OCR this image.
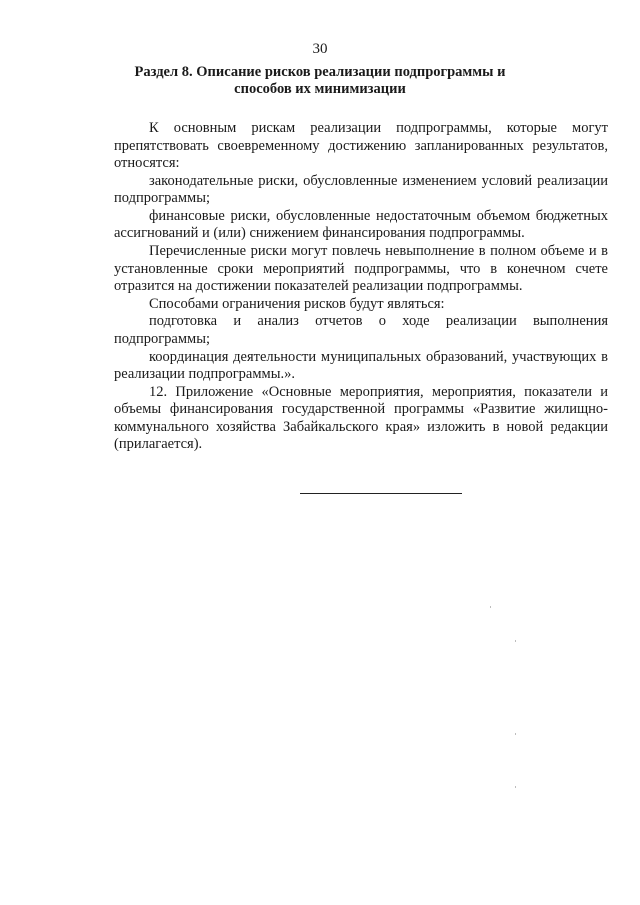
30
Раздел 8. Описание рисков реализации подпрограммы и способов их минимизации

К основным рискам реализации подпрограммы, которые могут препятствовать своевременному достижению запланированных результатов, относятся:

законодательные риски, обусловленные изменением условий реализации подпрограммы;

финансовые риски, обусловленные недостаточным объемом бюджетных ассигнований и (или) снижением финансирования подпрограммы.

Перечисленные риски могут повлечь невыполнение в полном объеме и в установленные сроки мероприятий подпрограммы, что в конечном счете отразится на достижении показателей реализации подпрограммы.

Способами ограничения рисков будут являться:

подготовка и анализ отчетов о ходе реализации выполнения подпрограммы;

координация деятельности муниципальных образований, участвующих в реализации подпрограммы.».

12. Приложение «Основные мероприятия, мероприятия, показатели и объемы финансирования государственной программы «Развитие жилищно-коммунального хозяйства Забайкальского края» изложить в новой редакции (прилагается).
